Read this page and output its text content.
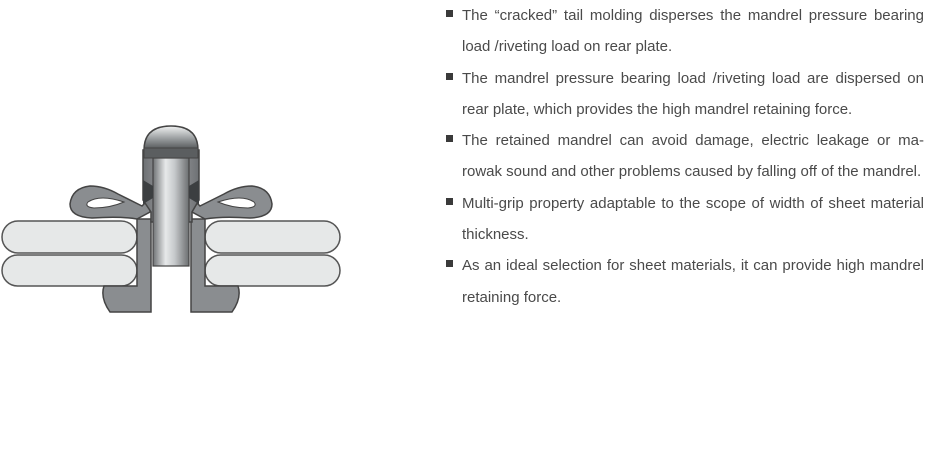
The “cracked” tail molding disperses the mandrel pressure bearing load /riveting load on rear plate.
The mandrel pressure bearing load /riveting load are dispersed on rear plate, which provides the high mandrel retaining force.
The retained mandrel can avoid damage, electric leakage or marowak sound and other problems caused by falling off of the mandrel.
Multi-grip property adaptable to the scope of width of sheet material thickness.
As an ideal selection for sheet materials, it can provide high mandrel retaining force.
